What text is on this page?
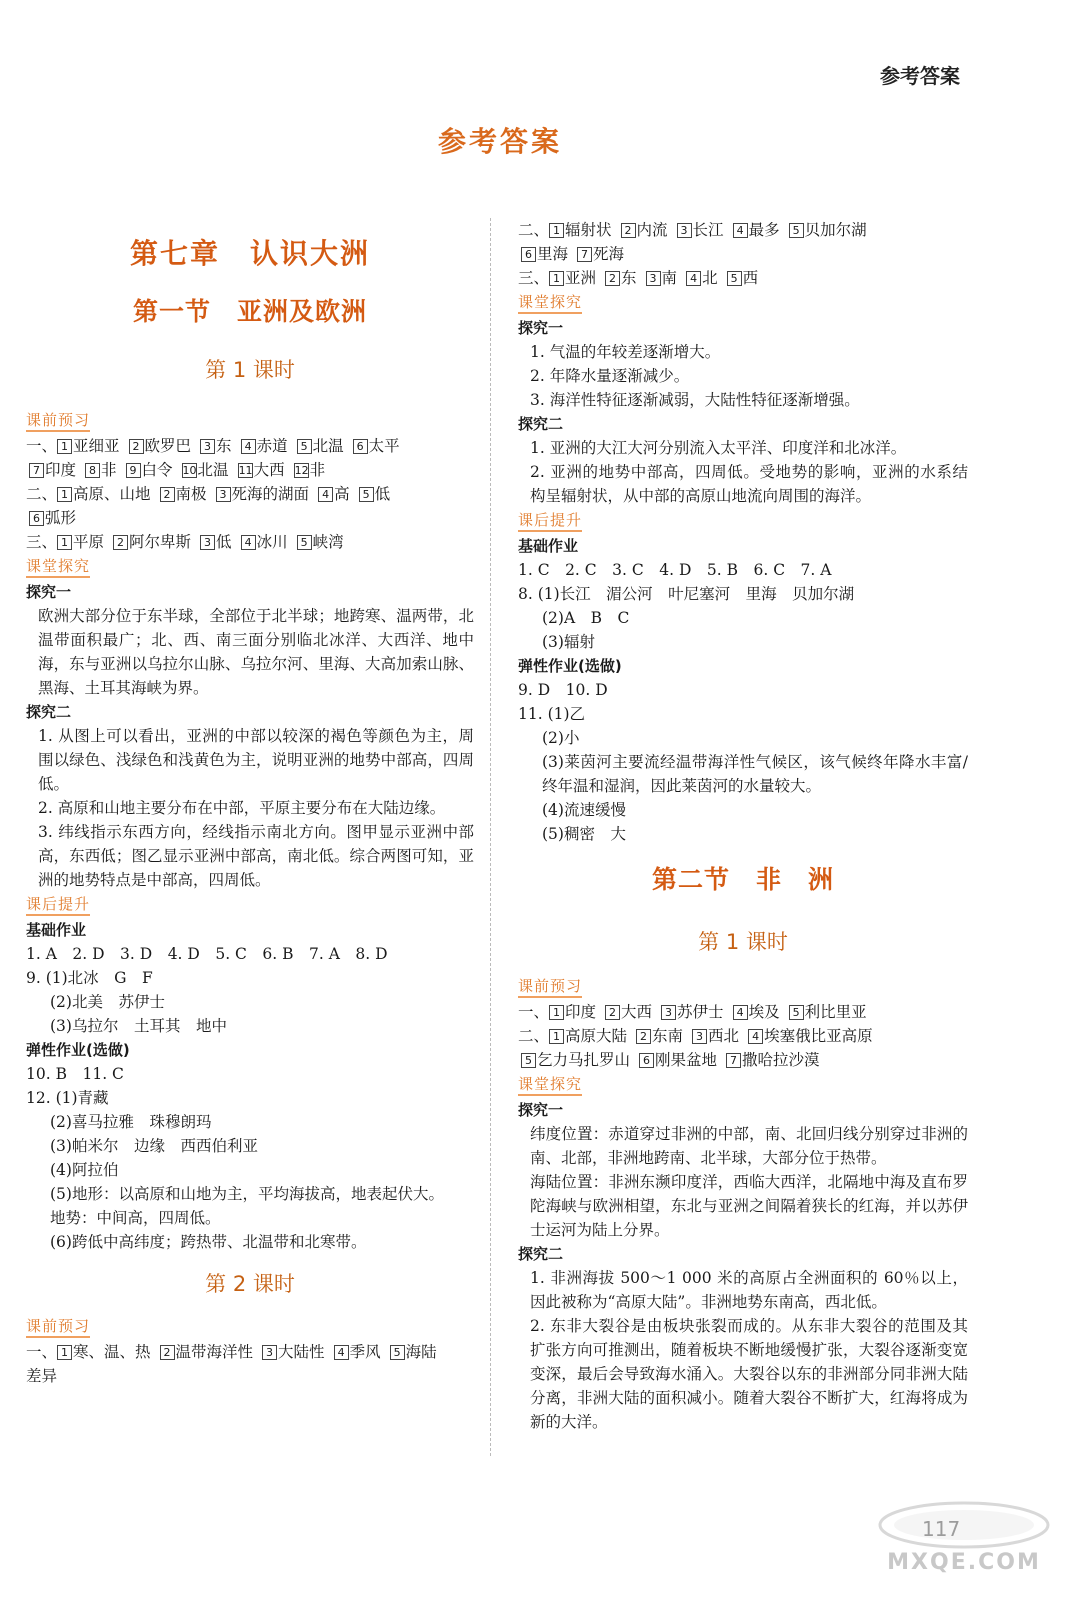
参考答案
参考答案
第七章　认识大洲
第一节　亚洲及欧洲
第 1 课时
课前预习
一、 1 亚细亚 2 欧罗巴 3 东 4 赤道 5 北温 6 太平
7 印度 8 非 9 白令 10北温 11大西 12非
二、 1 高原、山地 2 南极 3 死海的湖面 4 高 5 低
6 弧形
三、 1 平原 2 阿尔卑斯 3 低 4 冰川 5 峡湾
课堂探究
探究一
欧洲大部分位于东半球，全部位于北半球；地跨寒、温两带，北温带面积最广；北、西、南三面分别临北冰洋、大西洋、地中海，东与亚洲以乌拉尔山脉、乌拉尔河、里海、大高加索山脉、黑海、土耳其海峡为界。
探究二
1. 从图上可以看出，亚洲的中部以较深的褐色等颜色为主，周围以绿色、浅绿色和浅黄色为主，说明亚洲的地势中部高，四周低。
2. 高原和山地主要分布在中部，平原主要分布在大陆边缘。
3. 纬线指示东西方向，经线指示南北方向。图甲显示亚洲中部高，东西低；图乙显示亚洲中部高，南北低。综合两图可知，亚洲的地势特点是中部高，四周低。
课后提升
基础作业
1. A　2. D　3. D　4. D　5. C　6. B　7. A　8. D
9. (1)北冰　G　F
(2)北美　苏伊士
(3)乌拉尔　土耳其　地中
弹性作业(选做)
10. B　11. C
12. (1)青藏
(2)喜马拉雅　珠穆朗玛
(3)帕米尔　边缘　西西伯利亚
(4)阿拉伯
(5)地形：以高原和山地为主，平均海拔高，地表起伏大。
地势：中间高，四周低。
(6)跨低中高纬度；跨热带、北温带和北寒带。
第 2 课时
课前预习
一、 1 寒、温、热 2 温带海洋性 3 大陆性 4 季风 5 海陆
差异
二、 1 辐射状 2 内流 3 长江 4 最多 5 贝加尔湖
6 里海 7 死海
三、 1 亚洲 2 东 3 南 4 北 5 西
课堂探究
探究一
1. 气温的年较差逐渐增大。
2. 年降水量逐渐减少。
3. 海洋性特征逐渐减弱，大陆性特征逐渐增强。
探究二
1. 亚洲的大江大河分别流入太平洋、印度洋和北冰洋。
2. 亚洲的地势中部高，四周低。受地势的影响，亚洲的水系结构呈辐射状，从中部的高原山地流向周围的海洋。
课后提升
基础作业
1. C　2. C　3. C　4. D　5. B　6. C　7. A
8. (1)长江　湄公河　叶尼塞河　里海　贝加尔湖
(2)A　B　C
(3)辐射
弹性作业(选做)
9. D　10. D
11. (1)乙
(2)小
(3)莱茵河主要流经温带海洋性气候区，该气候终年降水丰富/终年温和湿润，因此莱茵河的水量较大。
(4)流速缓慢
(5)稠密　大
第二节　非　洲
第 1 课时
课前预习
一、 1 印度 2 大西 3 苏伊士 4 埃及 5 利比里亚
二、 1 高原大陆 2 东南 3 西北 4 埃塞俄比亚高原
5 乞力马扎罗山 6 刚果盆地 7 撒哈拉沙漠
课堂探究
探究一
纬度位置：赤道穿过非洲的中部，南、北回归线分别穿过非洲的南、北部，非洲地跨南、北半球，大部分位于热带。
海陆位置：非洲东濒印度洋，西临大西洋，北隔地中海及直布罗陀海峡与欧洲相望，东北与亚洲之间隔着狭长的红海，并以苏伊士运河为陆上分界。
探究二
1. 非洲海拔 500～1 000 米的高原占全洲面积的 60％以上，因此被称为“高原大陆”。非洲地势东南高，西北低。
2. 东非大裂谷是由板块张裂而成的。从东非大裂谷的范围及其扩张方向可推测出，随着板块不断地缓慢扩张，大裂谷逐渐变宽变深，最后会导致海水涌入。大裂谷以东的非洲部分同非洲大陆分离，非洲大陆的面积减小。随着大裂谷不断扩大，红海将成为新的大洋。
MXQE.COM
